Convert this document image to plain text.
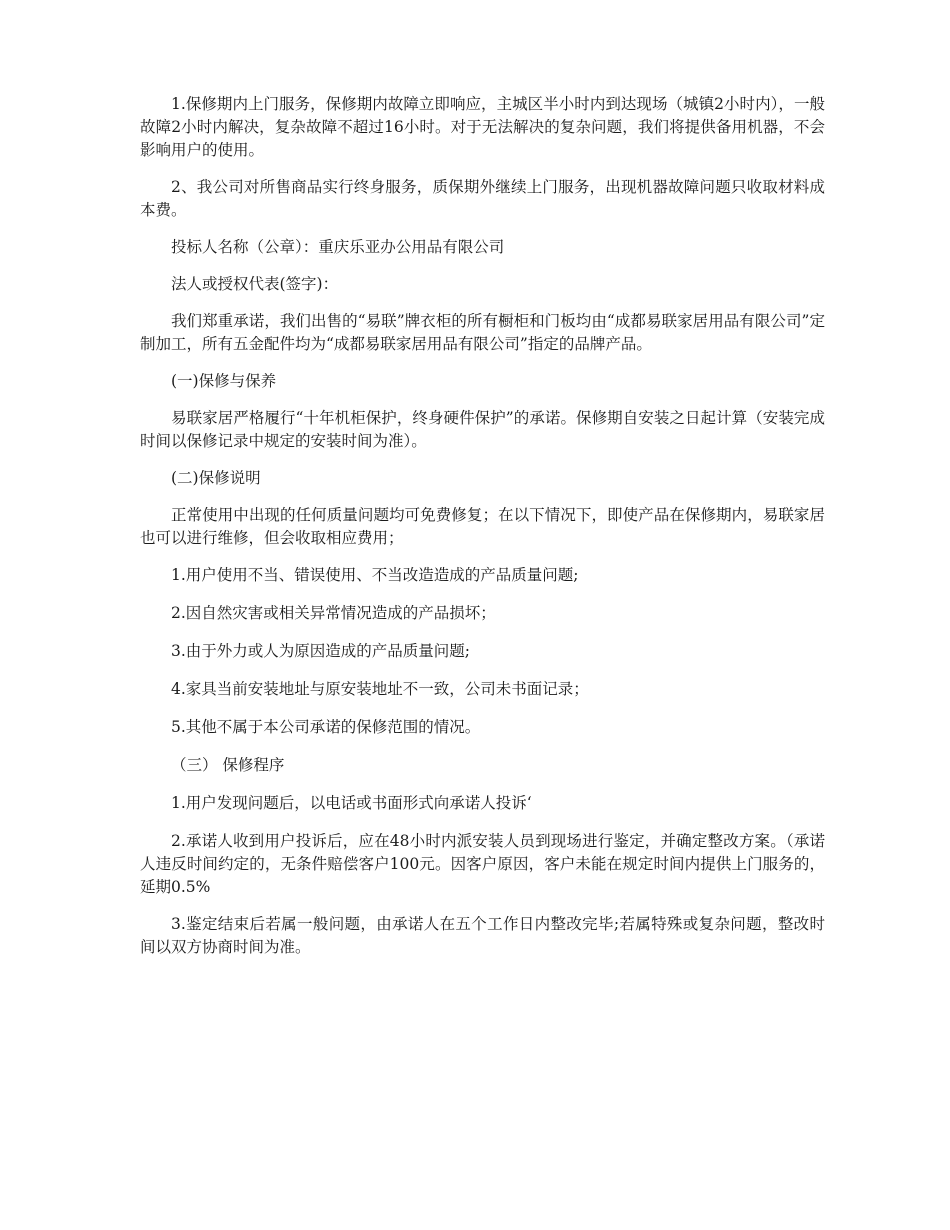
1.保修期内上门服务，保修期内故障立即响应，主城区半小时内到达现场（城镇2小时内），一般故障2小时内解决，复杂故障不超过16小时。对于无法解决的复杂问题，我们将提供备用机器，不会影响用户的使用。

2、我公司对所售商品实行终身服务，质保期外继续上门服务，出现机器故障问题只收取材料成本费。

投标人名称（公章）：重庆乐亚办公用品有限公司

法人或授权代表(签字)：

我们郑重承诺，我们出售的“易联”牌衣柜的所有橱柜和门板均由“成都易联家居用品有限公司”定制加工，所有五金配件均为“成都易联家居用品有限公司”指定的品牌产品。

(一)保修与保养

易联家居严格履行“十年机柜保护，终身硬件保护”的承诺。保修期自安装之日起计算（安装完成时间以保修记录中规定的安装时间为准）。

(二)保修说明

正常使用中出现的任何质量问题均可免费修复；在以下情况下，即使产品在保修期内，易联家居也可以进行维修，但会收取相应费用；

1.用户使用不当、错误使用、不当改造造成的产品质量问题;

2.因自然灾害或相关异常情况造成的产品损坏；

3.由于外力或人为原因造成的产品质量问题;

4.家具当前安装地址与原安装地址不一致，公司未书面记录；

5.其他不属于本公司承诺的保修范围的情况。

（三） 保修程序

1.用户发现问题后，以电话或书面形式向承诺人投诉‘

2.承诺人收到用户投诉后，应在48小时内派安装人员到现场进行鉴定，并确定整改方案。（承诺人违反时间约定的，无条件赔偿客户100元。因客户原因，客户未能在规定时间内提供上门服务的，延期0.5%

3.鉴定结束后若属一般问题，由承诺人在五个工作日内整改完毕;若属特殊或复杂问题，整改时间以双方协商时间为准。
